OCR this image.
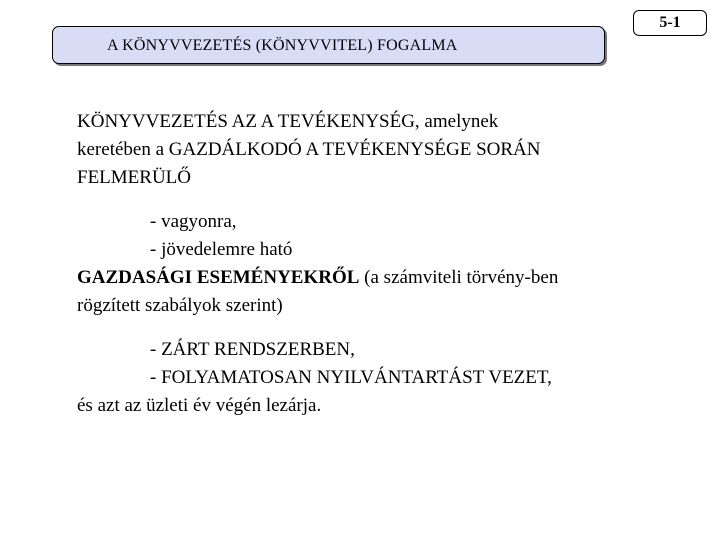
A KÖNYVVEZETÉS (KÖNYVVITEL) FOGALMA
5-1
KÖNYVVEZETÉS AZ A TEVÉKENYSÉG, amelynek
keretében a GAZDÁLKODÓ A TEVÉKENYSÉGE SORÁN
FELMERÜLŐ
- vagyonra,
- jövedelemre ható
GAZDASÁGI ESEMÉNYEKRŐL (a számviteli törvény-ben
rögzített szabályok szerint)
- ZÁRT RENDSZERBEN,
- FOLYAMATOSAN NYILVÁNTARTÁST VEZET,
és azt az üzleti év végén lezárja.
